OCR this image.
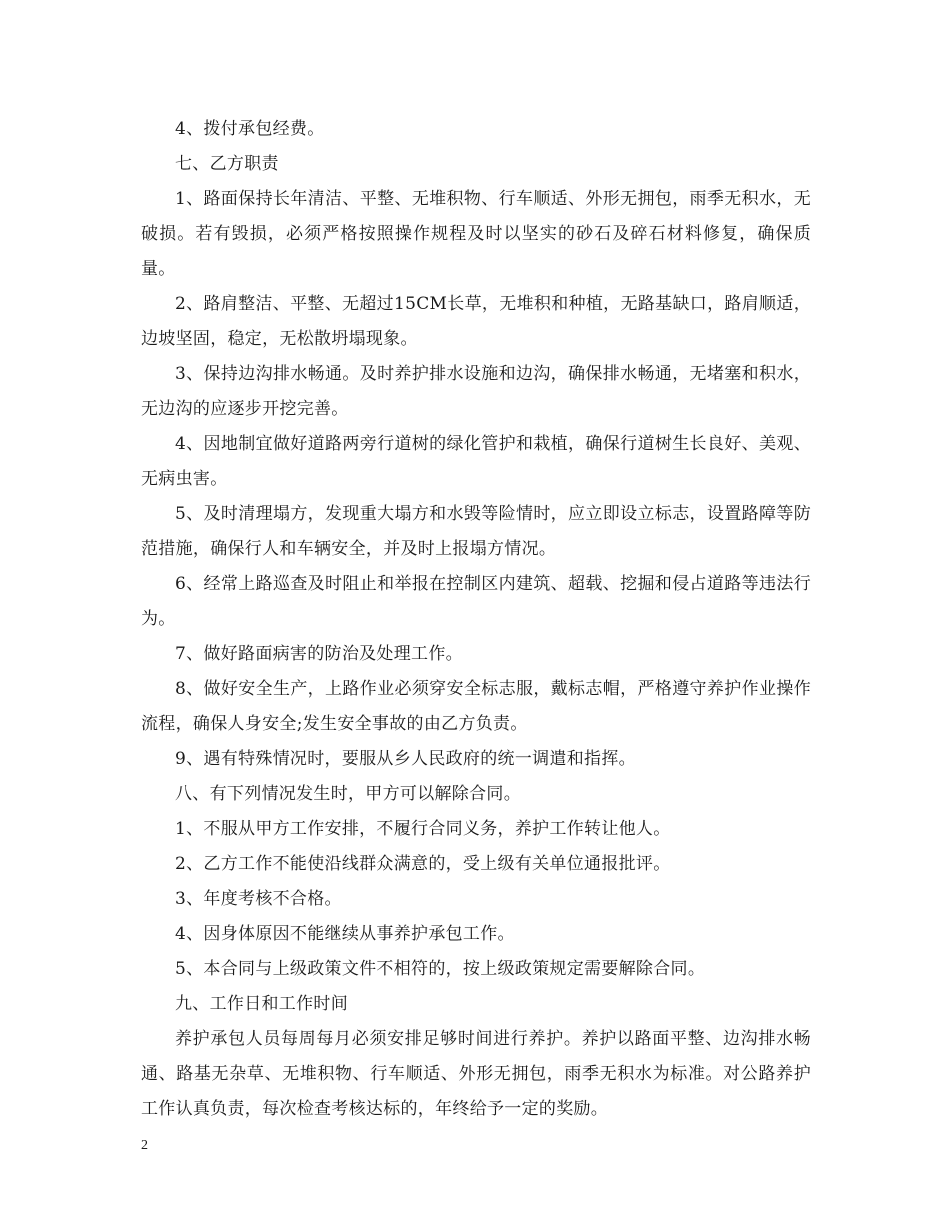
4、拨付承包经费。

七、乙方职责

1、路面保持长年清洁、平整、无堆积物、行车顺适、外形无拥包，雨季无积水，无破损。若有毁损，必须严格按照操作规程及时以坚实的砂石及碎石材料修复，确保质量。

2、路肩整洁、平整、无超过15CM长草，无堆积和种植，无路基缺口，路肩顺适，边坡坚固，稳定，无松散坍塌现象。

3、保持边沟排水畅通。及时养护排水设施和边沟，确保排水畅通，无堵塞和积水，无边沟的应逐步开挖完善。

4、因地制宜做好道路两旁行道树的绿化管护和栽植，确保行道树生长良好、美观、无病虫害。

5、及时清理塌方，发现重大塌方和水毁等险情时，应立即设立标志，设置路障等防范措施，确保行人和车辆安全，并及时上报塌方情况。

6、经常上路巡查及时阻止和举报在控制区内建筑、超载、挖掘和侵占道路等违法行为。

7、做好路面病害的防治及处理工作。

8、做好安全生产，上路作业必须穿安全标志服，戴标志帽，严格遵守养护作业操作流程，确保人身安全;发生安全事故的由乙方负责。

9、遇有特殊情况时，要服从乡人民政府的统一调遣和指挥。

八、有下列情况发生时，甲方可以解除合同。

1、不服从甲方工作安排，不履行合同义务，养护工作转让他人。

2、乙方工作不能使沿线群众满意的，受上级有关单位通报批评。

3、年度考核不合格。

4、因身体原因不能继续从事养护承包工作。

5、本合同与上级政策文件不相符的，按上级政策规定需要解除合同。

九、工作日和工作时间

养护承包人员每周每月必须安排足够时间进行养护。养护以路面平整、边沟排水畅通、路基无杂草、无堆积物、行车顺适、外形无拥包，雨季无积水为标准。对公路养护工作认真负责，每次检查考核达标的，年终给予一定的奖励。

2
